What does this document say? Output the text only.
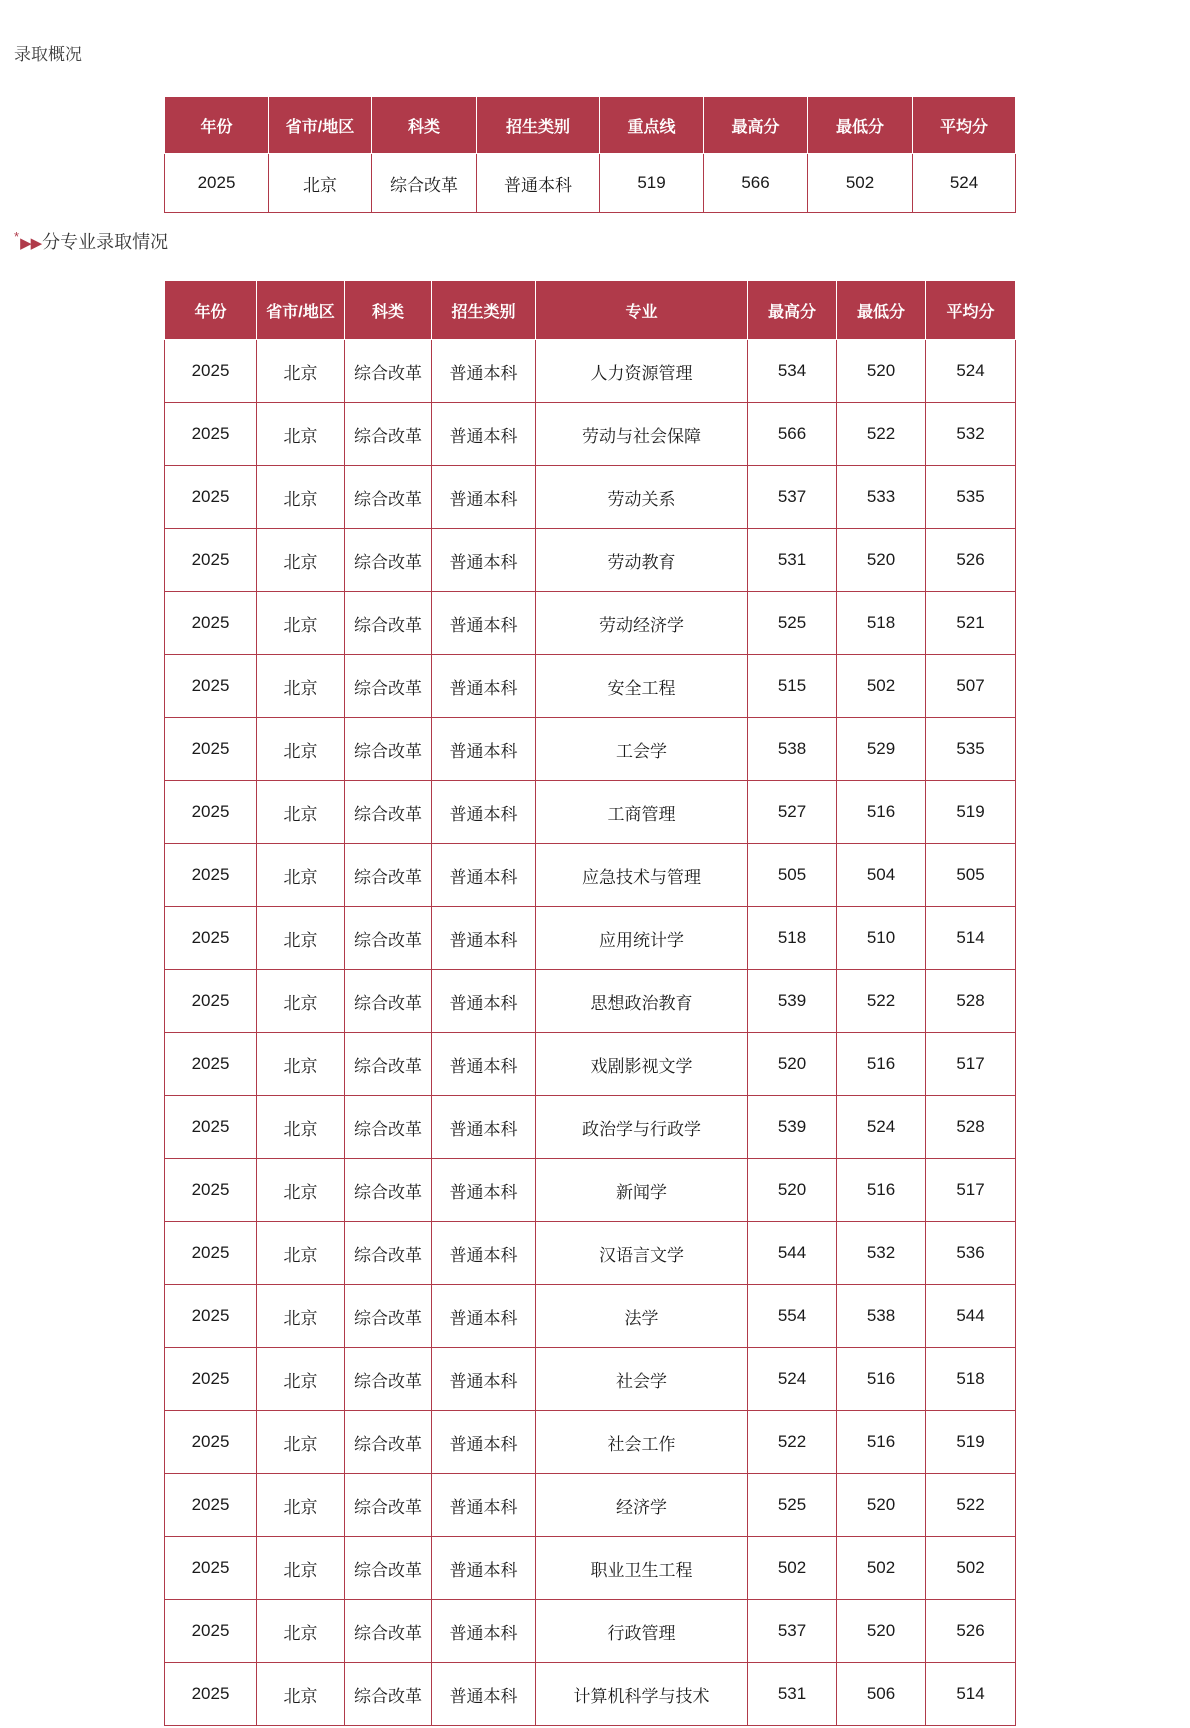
录取概况
年份	省市/地区	科类	招生类别	重点线	最高分	最低分	平均分
2025	北京	综合改革	普通本科	519	566	502	524
*▶▶分专业录取情况
年份	省市/地区	科类	招生类别	专业	最高分	最低分	平均分
2025	北京	综合改革	普通本科	人力资源管理	534	520	524
2025	北京	综合改革	普通本科	劳动与社会保障	566	522	532
2025	北京	综合改革	普通本科	劳动关系	537	533	535
2025	北京	综合改革	普通本科	劳动教育	531	520	526
2025	北京	综合改革	普通本科	劳动经济学	525	518	521
2025	北京	综合改革	普通本科	安全工程	515	502	507
2025	北京	综合改革	普通本科	工会学	538	529	535
2025	北京	综合改革	普通本科	工商管理	527	516	519
2025	北京	综合改革	普通本科	应急技术与管理	505	504	505
2025	北京	综合改革	普通本科	应用统计学	518	510	514
2025	北京	综合改革	普通本科	思想政治教育	539	522	528
2025	北京	综合改革	普通本科	戏剧影视文学	520	516	517
2025	北京	综合改革	普通本科	政治学与行政学	539	524	528
2025	北京	综合改革	普通本科	新闻学	520	516	517
2025	北京	综合改革	普通本科	汉语言文学	544	532	536
2025	北京	综合改革	普通本科	法学	554	538	544
2025	北京	综合改革	普通本科	社会学	524	516	518
2025	北京	综合改革	普通本科	社会工作	522	516	519
2025	北京	综合改革	普通本科	经济学	525	520	522
2025	北京	综合改革	普通本科	职业卫生工程	502	502	502
2025	北京	综合改革	普通本科	行政管理	537	520	526
2025	北京	综合改革	普通本科	计算机科学与技术	531	506	514
